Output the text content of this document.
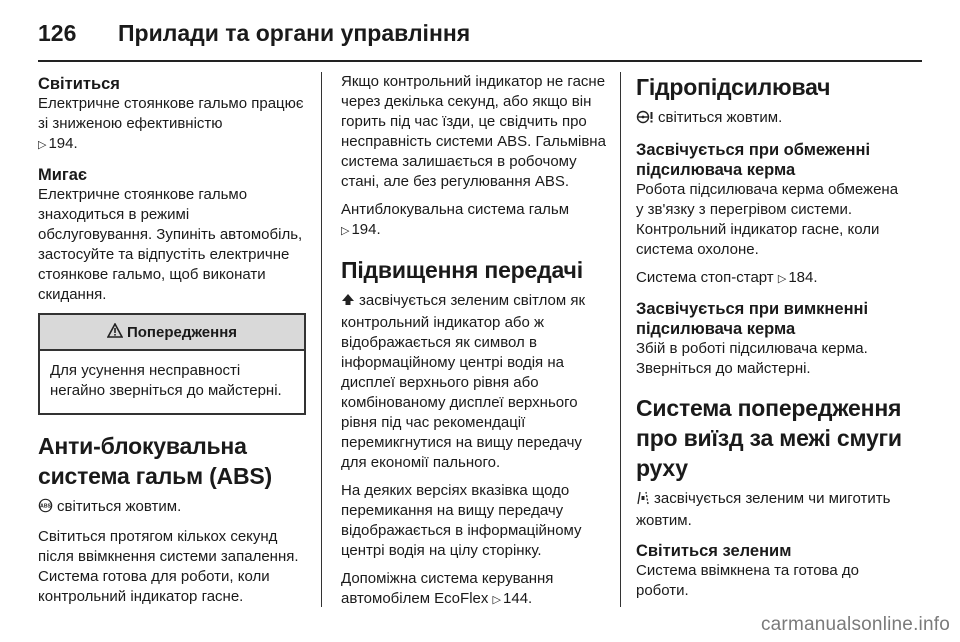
126 Прилади та органи управління
Світиться

Електричне стоянкове гальмо працює зі зниженою ефективністю
▷ 194.

Мигає

Електричне стоянкове гальмо знаходиться в режимі обслуговування. Зупиніть автомобіль, застосуйте та відпустіть електричне стоянкове гальмо, щоб виконати скидання.

Попередження

Для усунення несправності негайно зверніться до майстерні.

Анти-блокувальна система гальм (ABS)

ABS світиться жовтим.

Світиться протягом кількох секунд після ввімкнення системи запалення. Система готова для роботи, коли контрольний індикатор гасне.

Якщо контрольний індикатор не гасне через декілька секунд, або якщо він горить під час їзди, це свідчить про несправність системи ABS. Гальмівна система залишається в робочому стані, але без регулювання ABS.

Антиблокувальна система гальм
▷ 194.

Підвищення передачі

засвічується зеленим світлом як контрольний індикатор або ж відображається як символ в інформаційному центрі водія на дисплеї верхнього рівня або комбінованому дисплеї верхнього рівня під час рекомендації перемикгнутися на вищу передачу для економії пального.

На деяких версіях вказівка щодо перемикання на вищу передачу відображається в інформаційному центрі водія на цілу сторінку.

Допоміжна система керування автомобілем EcoFlex ▷ 144.

Гідропідсилювач

світиться жовтим.

Засвічується при обмеженні підсилювача керма

Робота підсилювача керма обмежена у зв'язку з перегрівом системи. Контрольний індикатор гасне, коли система охолоне.

Система стоп-старт ▷ 184.

Засвічується при вимкненні підсилювача керма

Збій в роботі підсилювача керма. Зверніться до майстерні.

Система попередження про виїзд за межі смуги руху

засвічується зеленим чи миготить жовтим.

Світиться зеленим

Система ввімкнена та готова до роботи.

carmanualsonline.info
